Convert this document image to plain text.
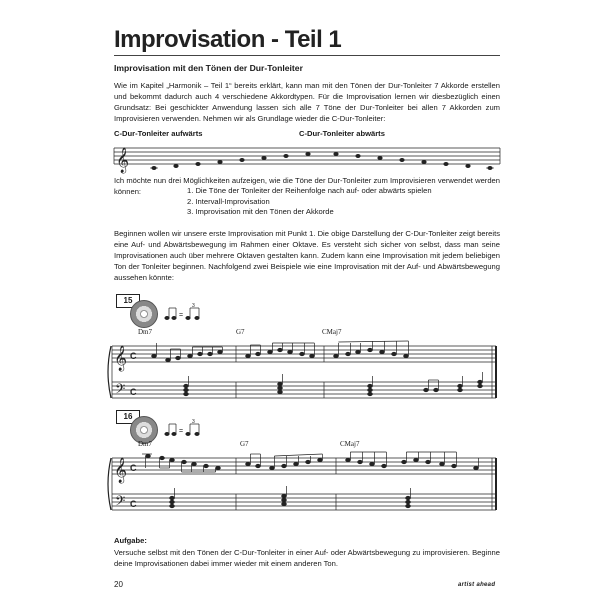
Improvisation - Teil 1
Improvisation mit den Tönen der Dur-Tonleiter
Wie im Kapitel „Harmonik – Teil 1“ bereits erklärt, kann man mit den Tönen der Dur-Tonleiter 7 Akkorde erstellen und bekommt dadurch auch 4 verschiedene Akkordtypen. Für die Improvisation lernen wir diesbezüglich einen Grundsatz: Bei geschickter Anwendung lassen sich alle 7 Töne der Dur-Tonleiter bei allen 7 Akkorden zum Improvisieren verwenden. Nehmen wir als Grundlage wieder die C-Dur-Tonleiter:
C-Dur-Tonleiter aufwärts	C-Dur-Tonleiter abwärts
𝄞
Ich möchte nun drei Möglichkeiten aufzeigen, wie die Töne der Dur-Tonleiter zum Improvisieren verwendet werden können:	1. Die Töne der Tonleiter der Reihenfolge nach auf- oder abwärts spielen
2. Intervall-Improvisation
3. Improvisation mit den Tönen der Akkorde
Beginnen wollen wir unsere erste Improvisation mit Punkt 1. Die obige Darstellung der C-Dur-Tonleiter zeigt bereits eine Auf- und Abwärtsbewegung im Rahmen einer Oktave. Es versteht sich sicher von selbst, dass man seine Improvisationen auch über mehrere Oktaven gestalten kann. Zudem kann eine Improvisation mit jedem beliebigen Ton der Tonleiter beginnen. Nachfolgend zwei Beispiele wie eine Improvisation mit der Auf- und Abwärtsbewegung aussehen könnte:
15
=
3
Dm7	G7	CMaj7
𝄞
𝄢
C
C
16
=
3
Dm7	G7	CMaj7
𝄞
𝄢
C
C
Aufgabe:
Versuche selbst mit den Tönen der C-Dur-Tonleiter in einer Auf- oder Abwärtsbewegung zu improvisieren. Beginne deine Improvisationen dabei immer wieder mit einem anderen Ton.
20	artist ahead
